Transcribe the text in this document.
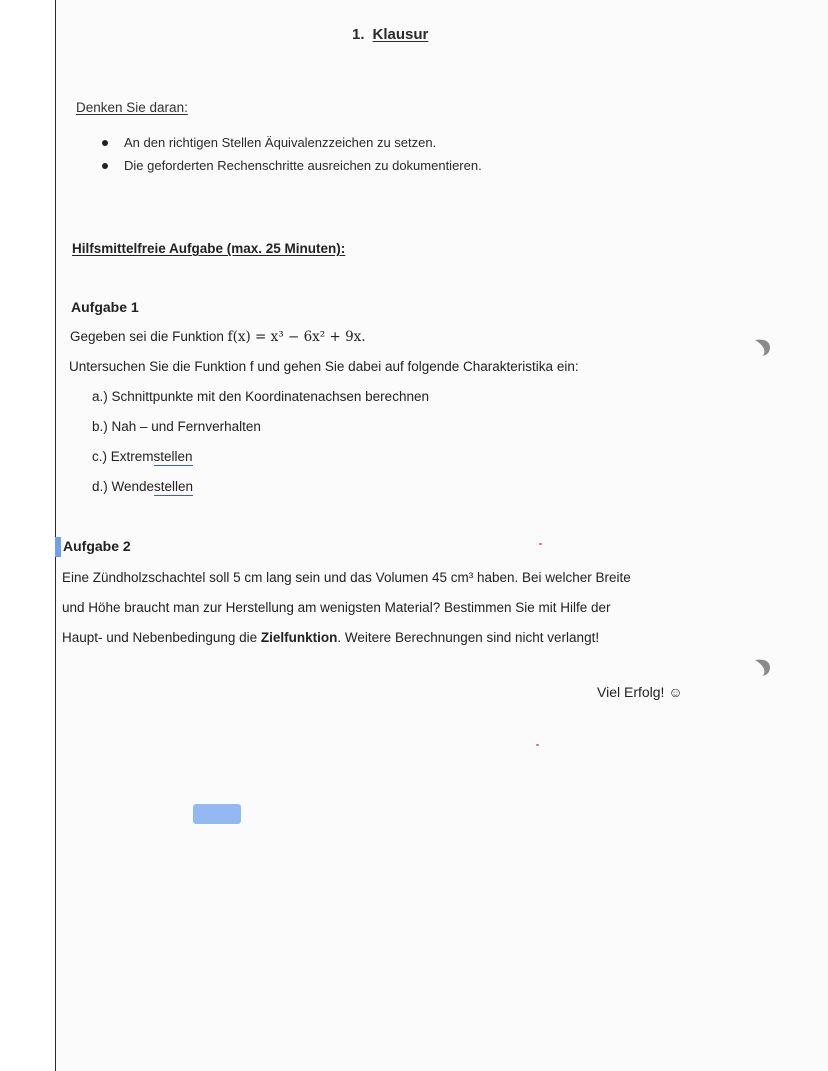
1. Klausur
Denken Sie daran:
An den richtigen Stellen Äquivalenzzeichen zu setzen.
Die geforderten Rechenschritte ausreichen zu dokumentieren.
Hilfsmittelfreie Aufgabe (max. 25 Minuten):
Aufgabe 1
Gegeben sei die Funktion f(x) = x³ − 6x² + 9x.
Untersuchen Sie die Funktion f und gehen Sie dabei auf folgende Charakteristika ein:
a.) Schnittpunkte mit den Koordinatenachsen berechnen
b.) Nah – und Fernverhalten
c.) Extremstellen
d.) Wendestellen
Aufgabe 2
Eine Zündholzschachtel soll 5 cm lang sein und das Volumen 45 cm³ haben. Bei welcher Breite
und Höhe braucht man zur Herstellung am wenigsten Material? Bestimmen Sie mit Hilfe der
Haupt- und Nebenbedingung die Zielfunktion. Weitere Berechnungen sind nicht verlangt!
Viel Erfolg! ☺
